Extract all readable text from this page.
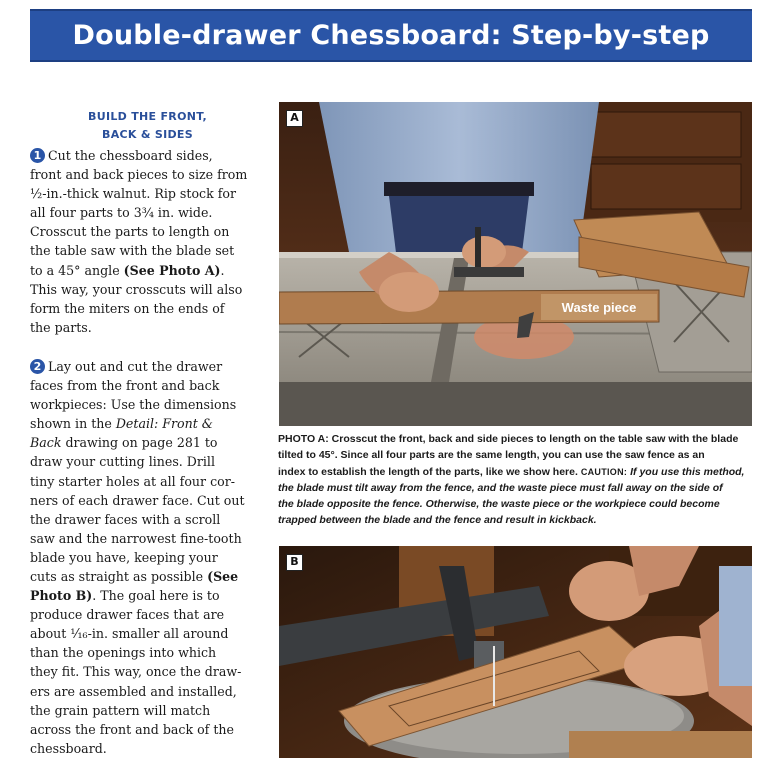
Double-drawer Chessboard: Step-by-step
BUILD THE FRONT,
BACK & SIDES
1 Cut the chessboard sides,
front and back pieces to size from
½-in.-thick walnut. Rip stock for
all four parts to 3¾ in. wide.
Crosscut the parts to length on
the table saw with the blade set
to a 45° angle (See Photo A).
This way, your crosscuts will also
form the miters on the ends of
the parts.
2 Lay out and cut the drawer
faces from the front and back
workpieces: Use the dimensions
shown in the Detail: Front &
Back drawing on page 281 to
draw your cutting lines. Drill
tiny starter holes at all four cor-
ners of each drawer face. Cut out
the drawer faces with a scroll
saw and the narrowest fine-tooth
blade you have, keeping your
cuts as straight as possible (See
Photo B). The goal here is to
produce drawer faces that are
about ¹⁄₁₆-in. smaller all around
than the openings into which
they fit. This way, once the draw-
ers are assembled and installed,
the grain pattern will match
across the front and back of the
chessboard.
Waste piece
A
PHOTO A: Crosscut the front, back and side pieces to length on the table saw with the blade
tilted to 45°. Since all four parts are the same length, you can use the saw fence as an
index to establish the length of the parts, like we show here. CAUTION: If you use this method,
the blade must tilt away from the fence, and the waste piece must fall away on the side of
the blade opposite the fence. Otherwise, the waste piece or the workpiece could become
trapped between the blade and the fence and result in kickback.
B
